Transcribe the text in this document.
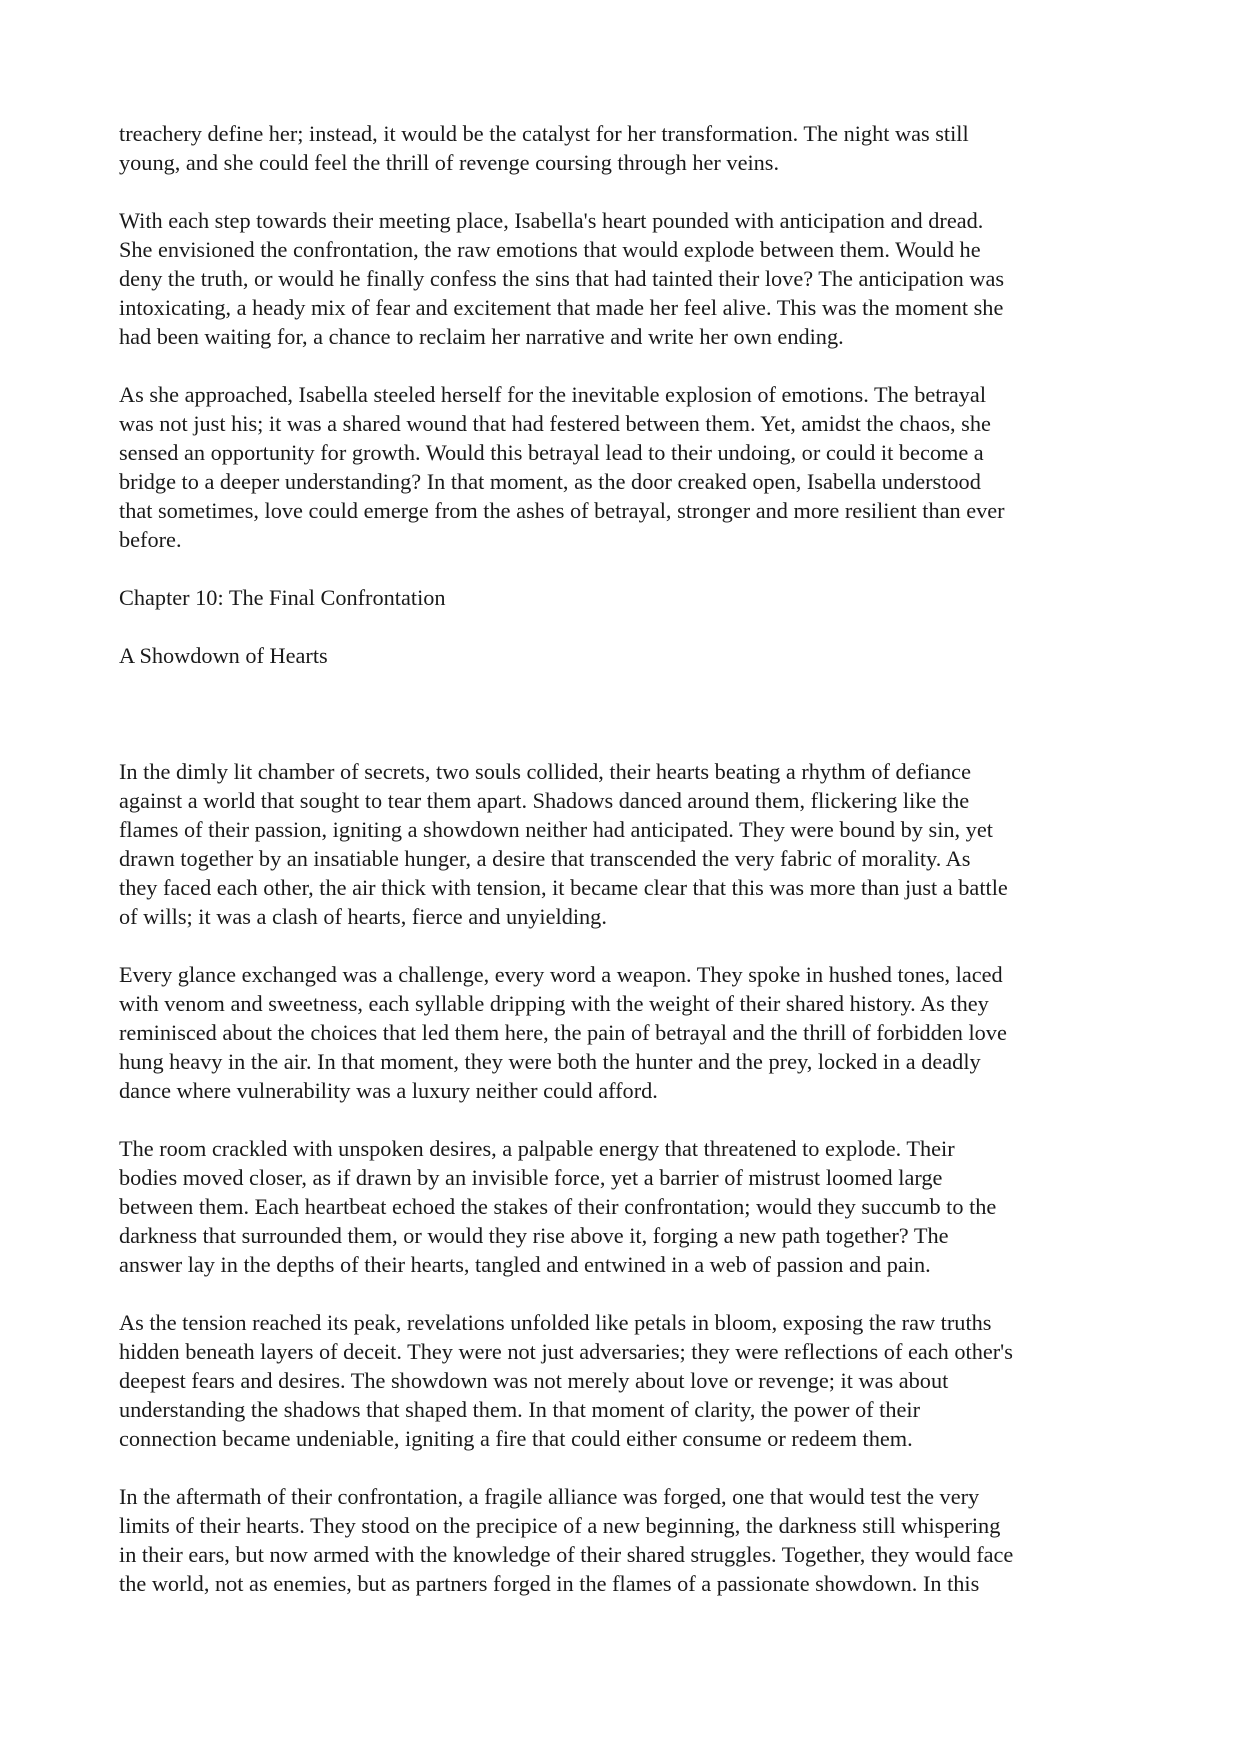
treachery define her; instead, it would be the catalyst for her transformation. The night was still
young, and she could feel the thrill of revenge coursing through her veins.

With each step towards their meeting place, Isabella's heart pounded with anticipation and dread.
She envisioned the confrontation, the raw emotions that would explode between them. Would he
deny the truth, or would he finally confess the sins that had tainted their love? The anticipation was
intoxicating, a heady mix of fear and excitement that made her feel alive. This was the moment she
had been waiting for, a chance to reclaim her narrative and write her own ending.

As she approached, Isabella steeled herself for the inevitable explosion of emotions. The betrayal
was not just his; it was a shared wound that had festered between them. Yet, amidst the chaos, she
sensed an opportunity for growth. Would this betrayal lead to their undoing, or could it become a
bridge to a deeper understanding? In that moment, as the door creaked open, Isabella understood
that sometimes, love could emerge from the ashes of betrayal, stronger and more resilient than ever
before.

Chapter 10: The Final Confrontation

A Showdown of Hearts

In the dimly lit chamber of secrets, two souls collided, their hearts beating a rhythm of defiance
against a world that sought to tear them apart. Shadows danced around them, flickering like the
flames of their passion, igniting a showdown neither had anticipated. They were bound by sin, yet
drawn together by an insatiable hunger, a desire that transcended the very fabric of morality. As
they faced each other, the air thick with tension, it became clear that this was more than just a battle
of wills; it was a clash of hearts, fierce and unyielding.

Every glance exchanged was a challenge, every word a weapon. They spoke in hushed tones, laced
with venom and sweetness, each syllable dripping with the weight of their shared history. As they
reminisced about the choices that led them here, the pain of betrayal and the thrill of forbidden love
hung heavy in the air. In that moment, they were both the hunter and the prey, locked in a deadly
dance where vulnerability was a luxury neither could afford.

The room crackled with unspoken desires, a palpable energy that threatened to explode. Their
bodies moved closer, as if drawn by an invisible force, yet a barrier of mistrust loomed large
between them. Each heartbeat echoed the stakes of their confrontation; would they succumb to the
darkness that surrounded them, or would they rise above it, forging a new path together? The
answer lay in the depths of their hearts, tangled and entwined in a web of passion and pain.

As the tension reached its peak, revelations unfolded like petals in bloom, exposing the raw truths
hidden beneath layers of deceit. They were not just adversaries; they were reflections of each other's
deepest fears and desires. The showdown was not merely about love or revenge; it was about
understanding the shadows that shaped them. In that moment of clarity, the power of their
connection became undeniable, igniting a fire that could either consume or redeem them.

In the aftermath of their confrontation, a fragile alliance was forged, one that would test the very
limits of their hearts. They stood on the precipice of a new beginning, the darkness still whispering
in their ears, but now armed with the knowledge of their shared struggles. Together, they would face
the world, not as enemies, but as partners forged in the flames of a passionate showdown. In this
